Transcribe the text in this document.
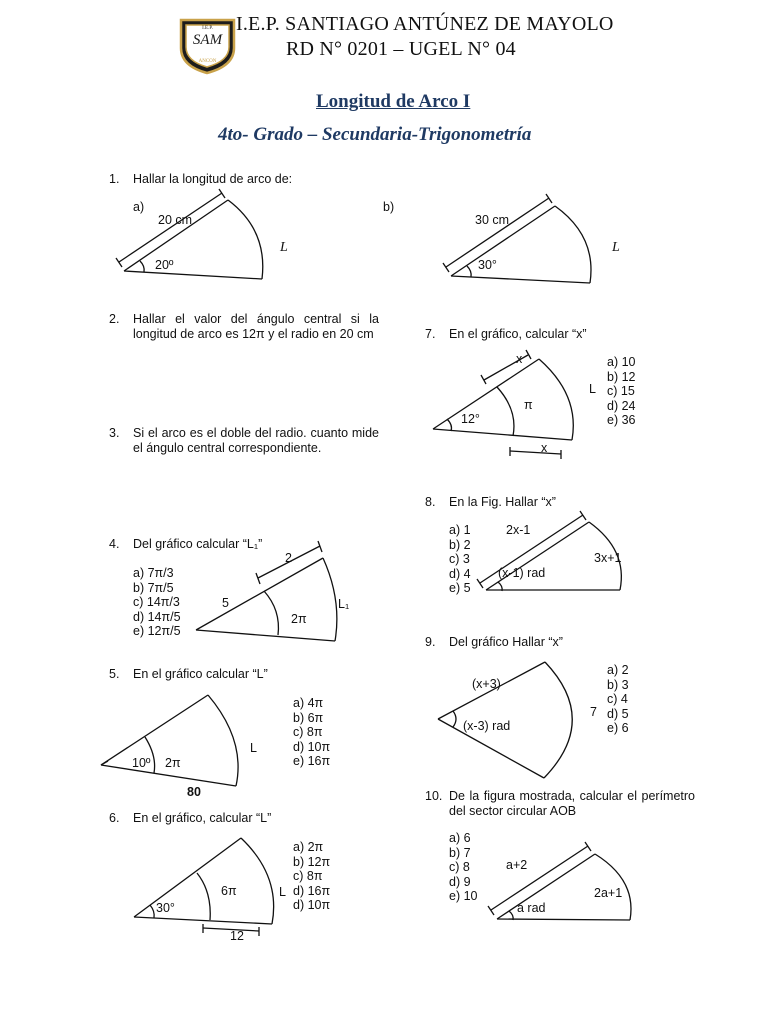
I.E.P.
SAM
ANCON
I.E.P. SANTIAGO ANTÚNEZ DE MAYOLO
RD N° 0201 – UGEL N° 04
Longitud de Arco I
4to- Grado – Secundaria-Trigonometría
1. Hallar la longitud de arco de:
a)
20 cm
20º
L
b)
30 cm
30°
L
2. Hallar el valor del ángulo central si la longitud de arco es 12π y el radio en 20 cm
3. Si el arco es el doble del radio. cuanto mide el ángulo central correspondiente.
4. Del gráfico calcular “L₁”
a) 7π/3
b) 7π/5
c) 14π/3
d) 14π/5
e) 12π/5
2
5
2π
L₁
5. En el gráfico calcular “L”
a) 4π
b) 6π
c) 8π
d) 10π
e) 16π
10º 2π
L
80
6. En el gráfico, calcular “L”
a) 2π
b) 12π
c) 8π
d) 16π
d) 10π
30°
6π	L
12
7. En el gráfico, calcular “x”
a) 10
b) 12
c) 15
d) 24
e) 36
x
12°
π
L
x
8. En la Fig. Hallar “x”
a) 1
b) 2
c) 3
d) 4
e) 5
2x-1
(x-1) rad
3x+1
9. Del gráfico Hallar “x”
a) 2
b) 3
c) 4
d) 5
e) 6
(x+3)
(x-3) rad
7
10. De la figura mostrada, calcular el perímetro del sector circular AOB
a) 6
b) 7
c) 8
d) 9
e) 10
a+2
a rad
2a+1
